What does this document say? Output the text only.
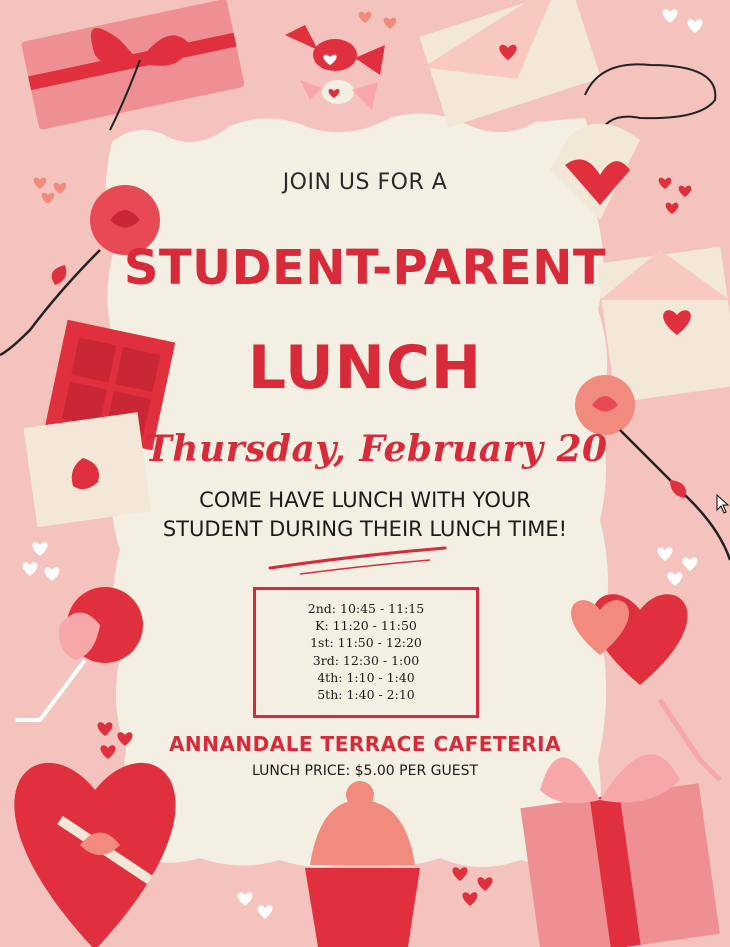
JOIN US FOR A
STUDENT-PARENT
LUNCH
Thursday, February 20
COME HAVE LUNCH WITH YOUR
STUDENT DURING THEIR LUNCH TIME!
2nd: 10:45 - 11:15
K: 11:20 - 11:50
1st: 11:50 - 12:20
3rd: 12:30 - 1:00
4th: 1:10 - 1:40
5th: 1:40 - 2:10
ANNANDALE TERRACE CAFETERIA
LUNCH PRICE: $5.00 PER GUEST
